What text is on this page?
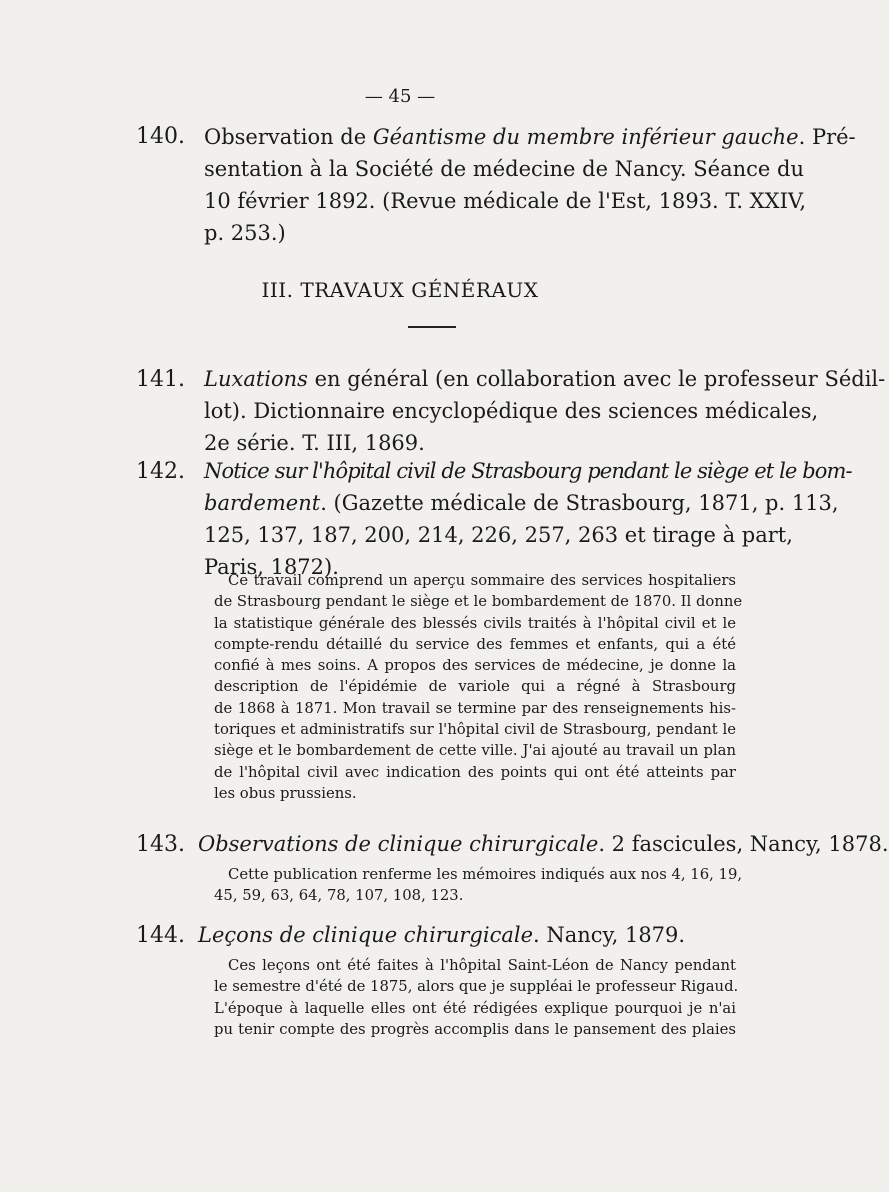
— 45 —
140. Observation de Géantisme du membre inférieur gauche. Pré-
sentation à la Société de médecine de Nancy. Séance du
10 février 1892. (Revue médicale de l'Est, 1893. T. XXIV,
p. 253.)
III. TRAVAUX GÉNÉRAUX
141. Luxations en général (en collaboration avec le professeur Sédil-
lot). Dictionnaire encyclopédique des sciences médicales,
2e série. T. III, 1869.
142. Notice sur l'hôpital civil de Strasbourg pendant le siège et le bom-
bardement. (Gazette médicale de Strasbourg, 1871, p. 113,
125, 137, 187, 200, 214, 226, 257, 263 et tirage à part,
Paris, 1872).
Ce travail comprend un aperçu sommaire des services hospitaliers
de Strasbourg pendant le siège et le bombardement de 1870. Il donne
la statistique générale des blessés civils traités à l'hôpital civil et le
compte-rendu détaillé du service des femmes et enfants, qui a été
confié à mes soins. A propos des services de médecine, je donne la
description de l'épidémie de variole qui a régné à Strasbourg
de 1868 à 1871. Mon travail se termine par des renseignements his-
toriques et administratifs sur l'hôpital civil de Strasbourg, pendant le
siège et le bombardement de cette ville. J'ai ajouté au travail un plan
de l'hôpital civil avec indication des points qui ont été atteints par
les obus prussiens.
143. Observations de clinique chirurgicale. 2 fascicules, Nancy, 1878.
Cette publication renferme les mémoires indiqués aux nos 4, 16, 19,
45, 59, 63, 64, 78, 107, 108, 123.
144. Leçons de clinique chirurgicale. Nancy, 1879.
Ces leçons ont été faites à l'hôpital Saint-Léon de Nancy pendant
le semestre d'été de 1875, alors que je suppléai le professeur Rigaud.
L'époque à laquelle elles ont été rédigées explique pourquoi je n'ai
pu tenir compte des progrès accomplis dans le pansement des plaies
